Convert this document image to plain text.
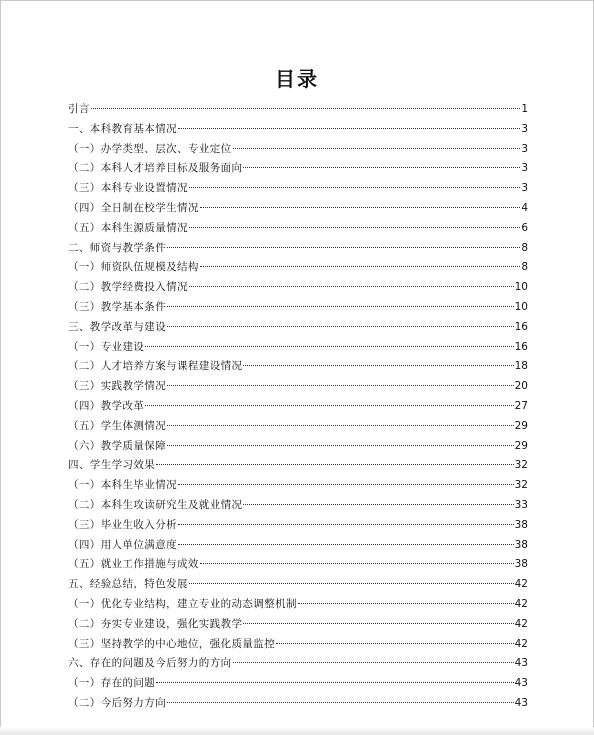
目录
引言	1
一、本科教育基本情况	3
（一）办学类型、层次、专业定位	3
（二）本科人才培养目标及服务面向	3
（三）本科专业设置情况	3
（四）全日制在校学生情况	4
（五）本科生源质量情况	6
二、师资与教学条件	8
（一）师资队伍规模及结构	8
（二）教学经费投入情况	10
（三）教学基本条件	10
三、教学改革与建设	16
（一）专业建设	16
（二）人才培养方案与课程建设情况	18
（三）实践教学情况	20
（四）教学改革	27
（五）学生体测情况	29
（六）教学质量保障	29
四、学生学习效果	32
（一）本科生毕业情况	32
（二）本科生攻读研究生及就业情况	33
（三）毕业生收入分析	38
（四）用人单位满意度	38
（五）就业工作措施与成效	38
五、经验总结，特色发展	42
（一）优化专业结构，建立专业的动态调整机制	42
（二）夯实专业建设，强化实践教学	42
（三）坚持教学的中心地位，强化质量监控	42
六、存在的问题及今后努力的方向	43
（一）存在的问题	43
（二）今后努力方向	43
